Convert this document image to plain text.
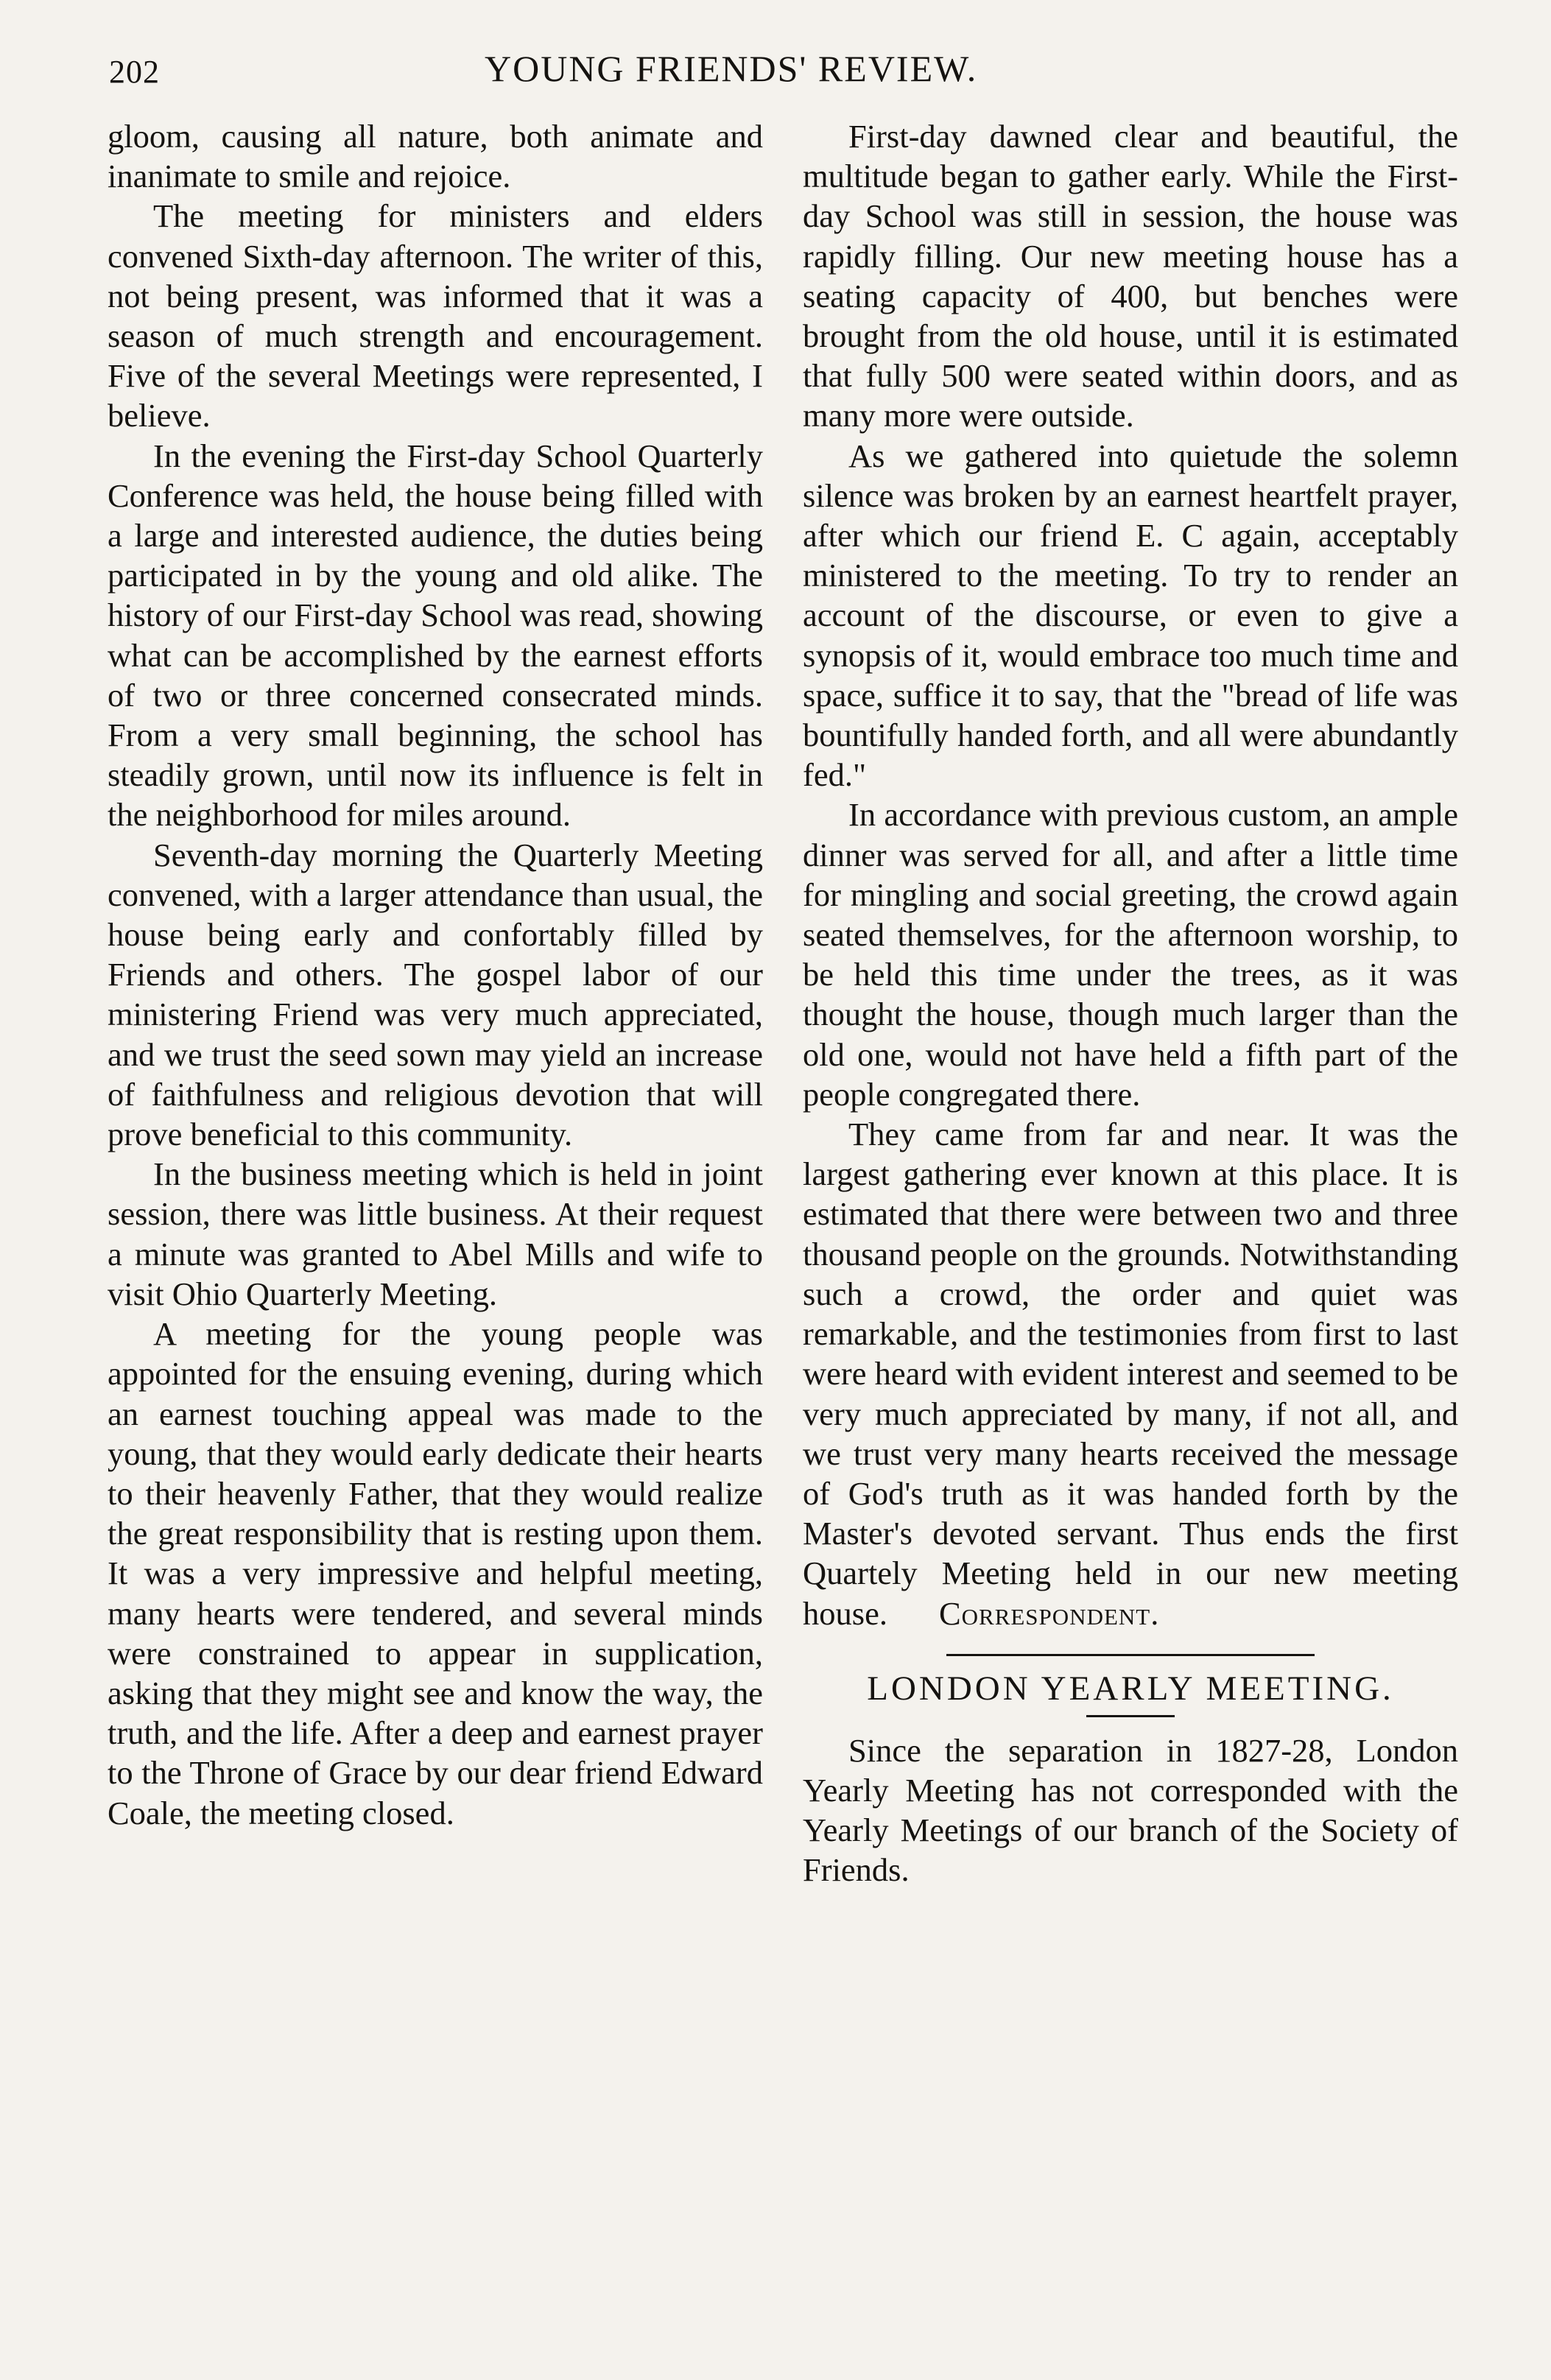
202	YOUNG FRIENDS' REVIEW.

gloom, causing all nature, both animate and inanimate to smile and rejoice.

The meeting for ministers and elders convened Sixth-day afternoon. The writer of this, not being present, was informed that it was a season of much strength and encouragement. Five of the several Meetings were represented, I believe.

In the evening the First-day School Quarterly Conference was held, the house being filled with a large and interested audience, the duties being participated in by the young and old alike. The history of our First-day School was read, showing what can be accomplished by the earnest efforts of two or three concerned consecrated minds. From a very small beginning, the school has steadily grown, until now its influence is felt in the neighborhood for miles around.

Seventh-day morning the Quarterly Meeting convened, with a larger attendance than usual, the house being early and confortably filled by Friends and others. The gospel labor of our ministering Friend was very much appreciated, and we trust the seed sown may yield an increase of faithfulness and religious devotion that will prove beneficial to this community.

In the business meeting which is held in joint session, there was little business. At their request a minute was granted to Abel Mills and wife to visit Ohio Quarterly Meeting.

A meeting for the young people was appointed for the ensuing evening, during which an earnest touching appeal was made to the young, that they would early dedicate their hearts to their heavenly Father, that they would realize the great responsibility that is resting upon them. It was a very impressive and helpful meeting, many hearts were tendered, and several minds were constrained to appear in supplication, asking that they might see and know the way, the truth, and the life. After a deep and earnest prayer to the Throne of Grace by our dear friend Edward Coale, the meeting closed.

First-day dawned clear and beautiful, the multitude began to gather early. While the First-day School was still in session, the house was rapidly filling. Our new meeting house has a seating capacity of 400, but benches were brought from the old house, until it is estimated that fully 500 were seated within doors, and as many more were outside.

As we gathered into quietude the solemn silence was broken by an earnest heartfelt prayer, after which our friend E. C again, acceptably ministered to the meeting. To try to render an account of the discourse, or even to give a synopsis of it, would embrace too much time and space, suffice it to say, that the "bread of life was bountifully handed forth, and all were abundantly fed."

In accordance with previous custom, an ample dinner was served for all, and after a little time for mingling and social greeting, the crowd again seated themselves, for the afternoon worship, to be held this time under the trees, as it was thought the house, though much larger than the old one, would not have held a fifth part of the people congregated there.

They came from far and near. It was the largest gathering ever known at this place. It is estimated that there were between two and three thousand people on the grounds. Notwithstanding such a crowd, the order and quiet was remarkable, and the testimonies from first to last were heard with evident interest and seemed to be very much appreciated by many, if not all, and we trust very many hearts received the message of God's truth as it was handed forth by the Master's devoted servant. Thus ends the first Quartely Meeting held in our new meeting house. Correspondent.

LONDON YEARLY MEETING.

Since the separation in 1827-28, London Yearly Meeting has not corresponded with the Yearly Meetings of our branch of the Society of Friends.
